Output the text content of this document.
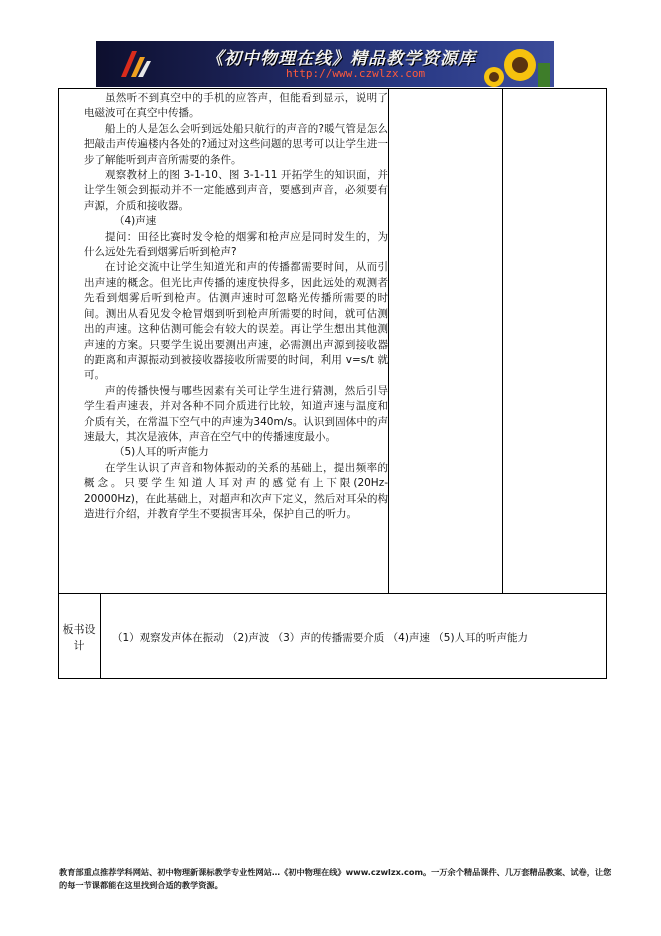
《初中物理在线》精品教学资源库
http://www.czwlzx.com

虽然听不到真空中的手机的应答声，但能看到显示，说明了电磁波可在真空中传播。

船上的人是怎么会听到远处船只航行的声音的?暖气管是怎么把敲击声传遍楼内各处的?通过对这些问题的思考可以让学生进一步了解能听到声音所需要的条件。

观察教材上的图 3-1-10、图 3-1-11 开拓学生的知识面，并让学生领会到振动并不一定能感到声音，要感到声音，必须要有声源，介质和接收器。

（4)声速

提问：田径比赛时发令枪的烟雾和枪声应是同时发生的，为什么远处先看到烟雾后听到枪声?

在讨论交流中让学生知道光和声的传播都需要时间，从而引出声速的概念。但光比声传播的速度快得多，因此远处的观测者先看到烟雾后听到枪声。估测声速时可忽略光传播所需要的时间。测出从看见发令枪冒烟到听到枪声所需要的时间，就可估测出的声速。这种估测可能会有较大的误差。再让学生想出其他测声速的方案。只要学生说出要测出声速，必需测出声源到接收器的距离和声源振动到被接收器接收所需要的时间，利用 v=s/t 就可。

声的传播快慢与哪些因素有关可让学生进行猜测，然后引导学生看声速表，并对各种不同介质进行比较，知道声速与温度和介质有关，在常温下空气中的声速为340m/s。认识到固体中的声速最大，其次是液体，声音在空气中的传播速度最小。

（5)人耳的听声能力

在学生认识了声音和物体振动的关系的基础上，提出频率的概念。只要学生知道人耳对声的感觉有上下限(20Hz- 20000Hz)，在此基础上，对超声和次声下定义，然后对耳朵的构造进行介绍，并教育学生不要损害耳朵，保护自己的听力。

板书设计
（1）观察发声体在振动 （2)声波 （3）声的传播需要介质 （4)声速 （5)人耳的听声能力
教育部重点推荐学科网站、初中物理新课标教学专业性网站…《初中物理在线》www.czwlzx.com。一万余个精品课件、几万套精品教案、试卷，让您的每一节课都能在这里找到合适的教学资源。
